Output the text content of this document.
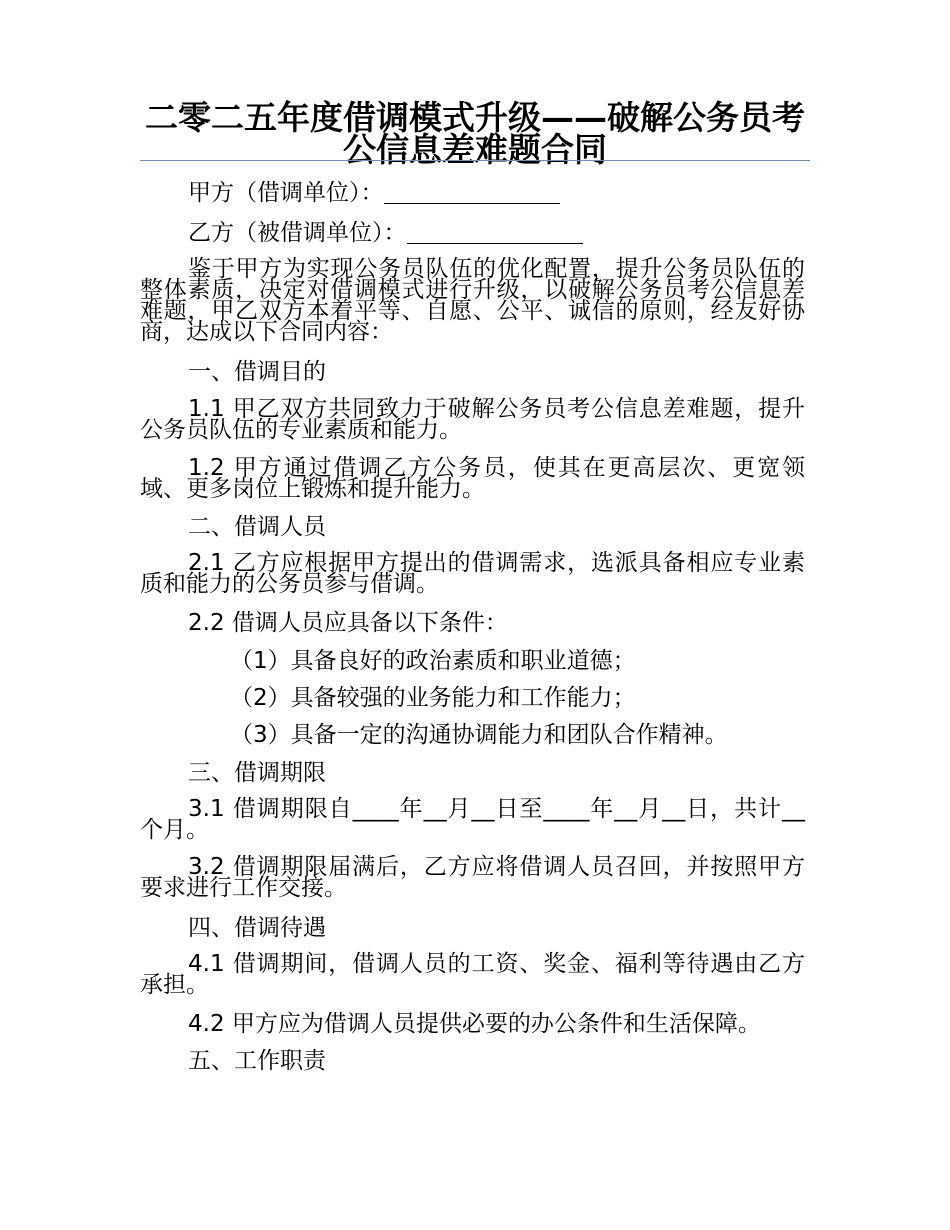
二零二五年度借调模式升级——破解公务员考公信息差难题合同

甲方（借调单位）：

乙方（被借调单位）：

鉴于甲方为实现公务员队伍的优化配置，提升公务员队伍的整体素质，决定对借调模式进行升级，以破解公务员考公信息差难题，甲乙双方本着平等、自愿、公平、诚信的原则，经友好协商，达成以下合同内容：

一、借调目的

1.1 甲乙双方共同致力于破解公务员考公信息差难题，提升公务员队伍的专业素质和能力。

1.2 甲方通过借调乙方公务员，使其在更高层次、更宽领域、更多岗位上锻炼和提升能力。

二、借调人员

2.1 乙方应根据甲方提出的借调需求，选派具备相应专业素质和能力的公务员参与借调。

2.2 借调人员应具备以下条件：

（1）具备良好的政治素质和职业道德；

（2）具备较强的业务能力和工作能力；

（3）具备一定的沟通协调能力和团队合作精神。

三、借调期限

3.1 借调期限自____年__月__日至____年__月__日，共计__个月。

3.2 借调期限届满后，乙方应将借调人员召回，并按照甲方要求进行工作交接。

四、借调待遇

4.1 借调期间，借调人员的工资、奖金、福利等待遇由乙方承担。

4.2 甲方应为借调人员提供必要的办公条件和生活保障。

五、工作职责
